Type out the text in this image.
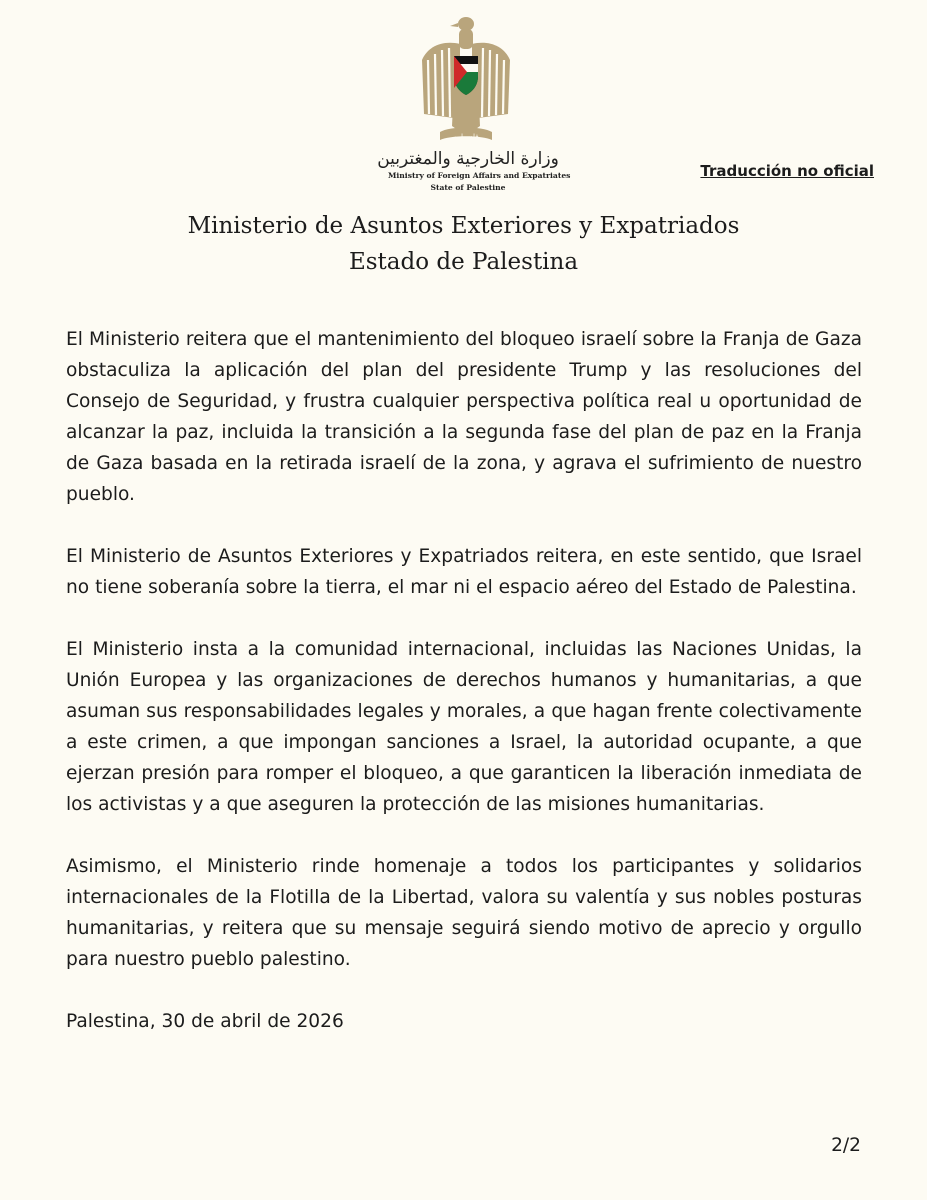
فلسطين
وزارة الخارجية والمغتربين
Ministry of Foreign Affairs and Expatriates
State of Palestine
Traducción no oficial
Ministerio de Asuntos Exteriores y Expatriados
Estado de Palestina

El Ministerio reitera que el mantenimiento del bloqueo israelí sobre la Franja de Gaza obstaculiza la aplicación del plan del presidente Trump y las resoluciones del Consejo de Seguridad, y frustra cualquier perspectiva política real u oportunidad de alcanzar la paz, incluida la transición a la segunda fase del plan de paz en la Franja de Gaza basada en la retirada israelí de la zona, y agrava el sufrimiento de nuestro pueblo.

El Ministerio de Asuntos Exteriores y Expatriados reitera, en este sentido, que Israel no tiene soberanía sobre la tierra, el mar ni el espacio aéreo del Estado de Palestina.

El Ministerio insta a la comunidad internacional, incluidas las Naciones Unidas, la Unión Europea y las organizaciones de derechos humanos y humanitarias, a que asuman sus responsabilidades legales y morales, a que hagan frente colectivamente a este crimen, a que impongan sanciones a Israel, la autoridad ocupante, a que ejerzan presión para romper el bloqueo, a que garanticen la liberación inmediata de los activistas y a que aseguren la protección de las misiones humanitarias.

Asimismo, el Ministerio rinde homenaje a todos los participantes y solidarios internacionales de la Flotilla de la Libertad, valora su valentía y sus nobles posturas humanitarias, y reitera que su mensaje seguirá siendo motivo de aprecio y orgullo para nuestro pueblo palestino.

Palestina, 30 de abril de 2026

2/2
